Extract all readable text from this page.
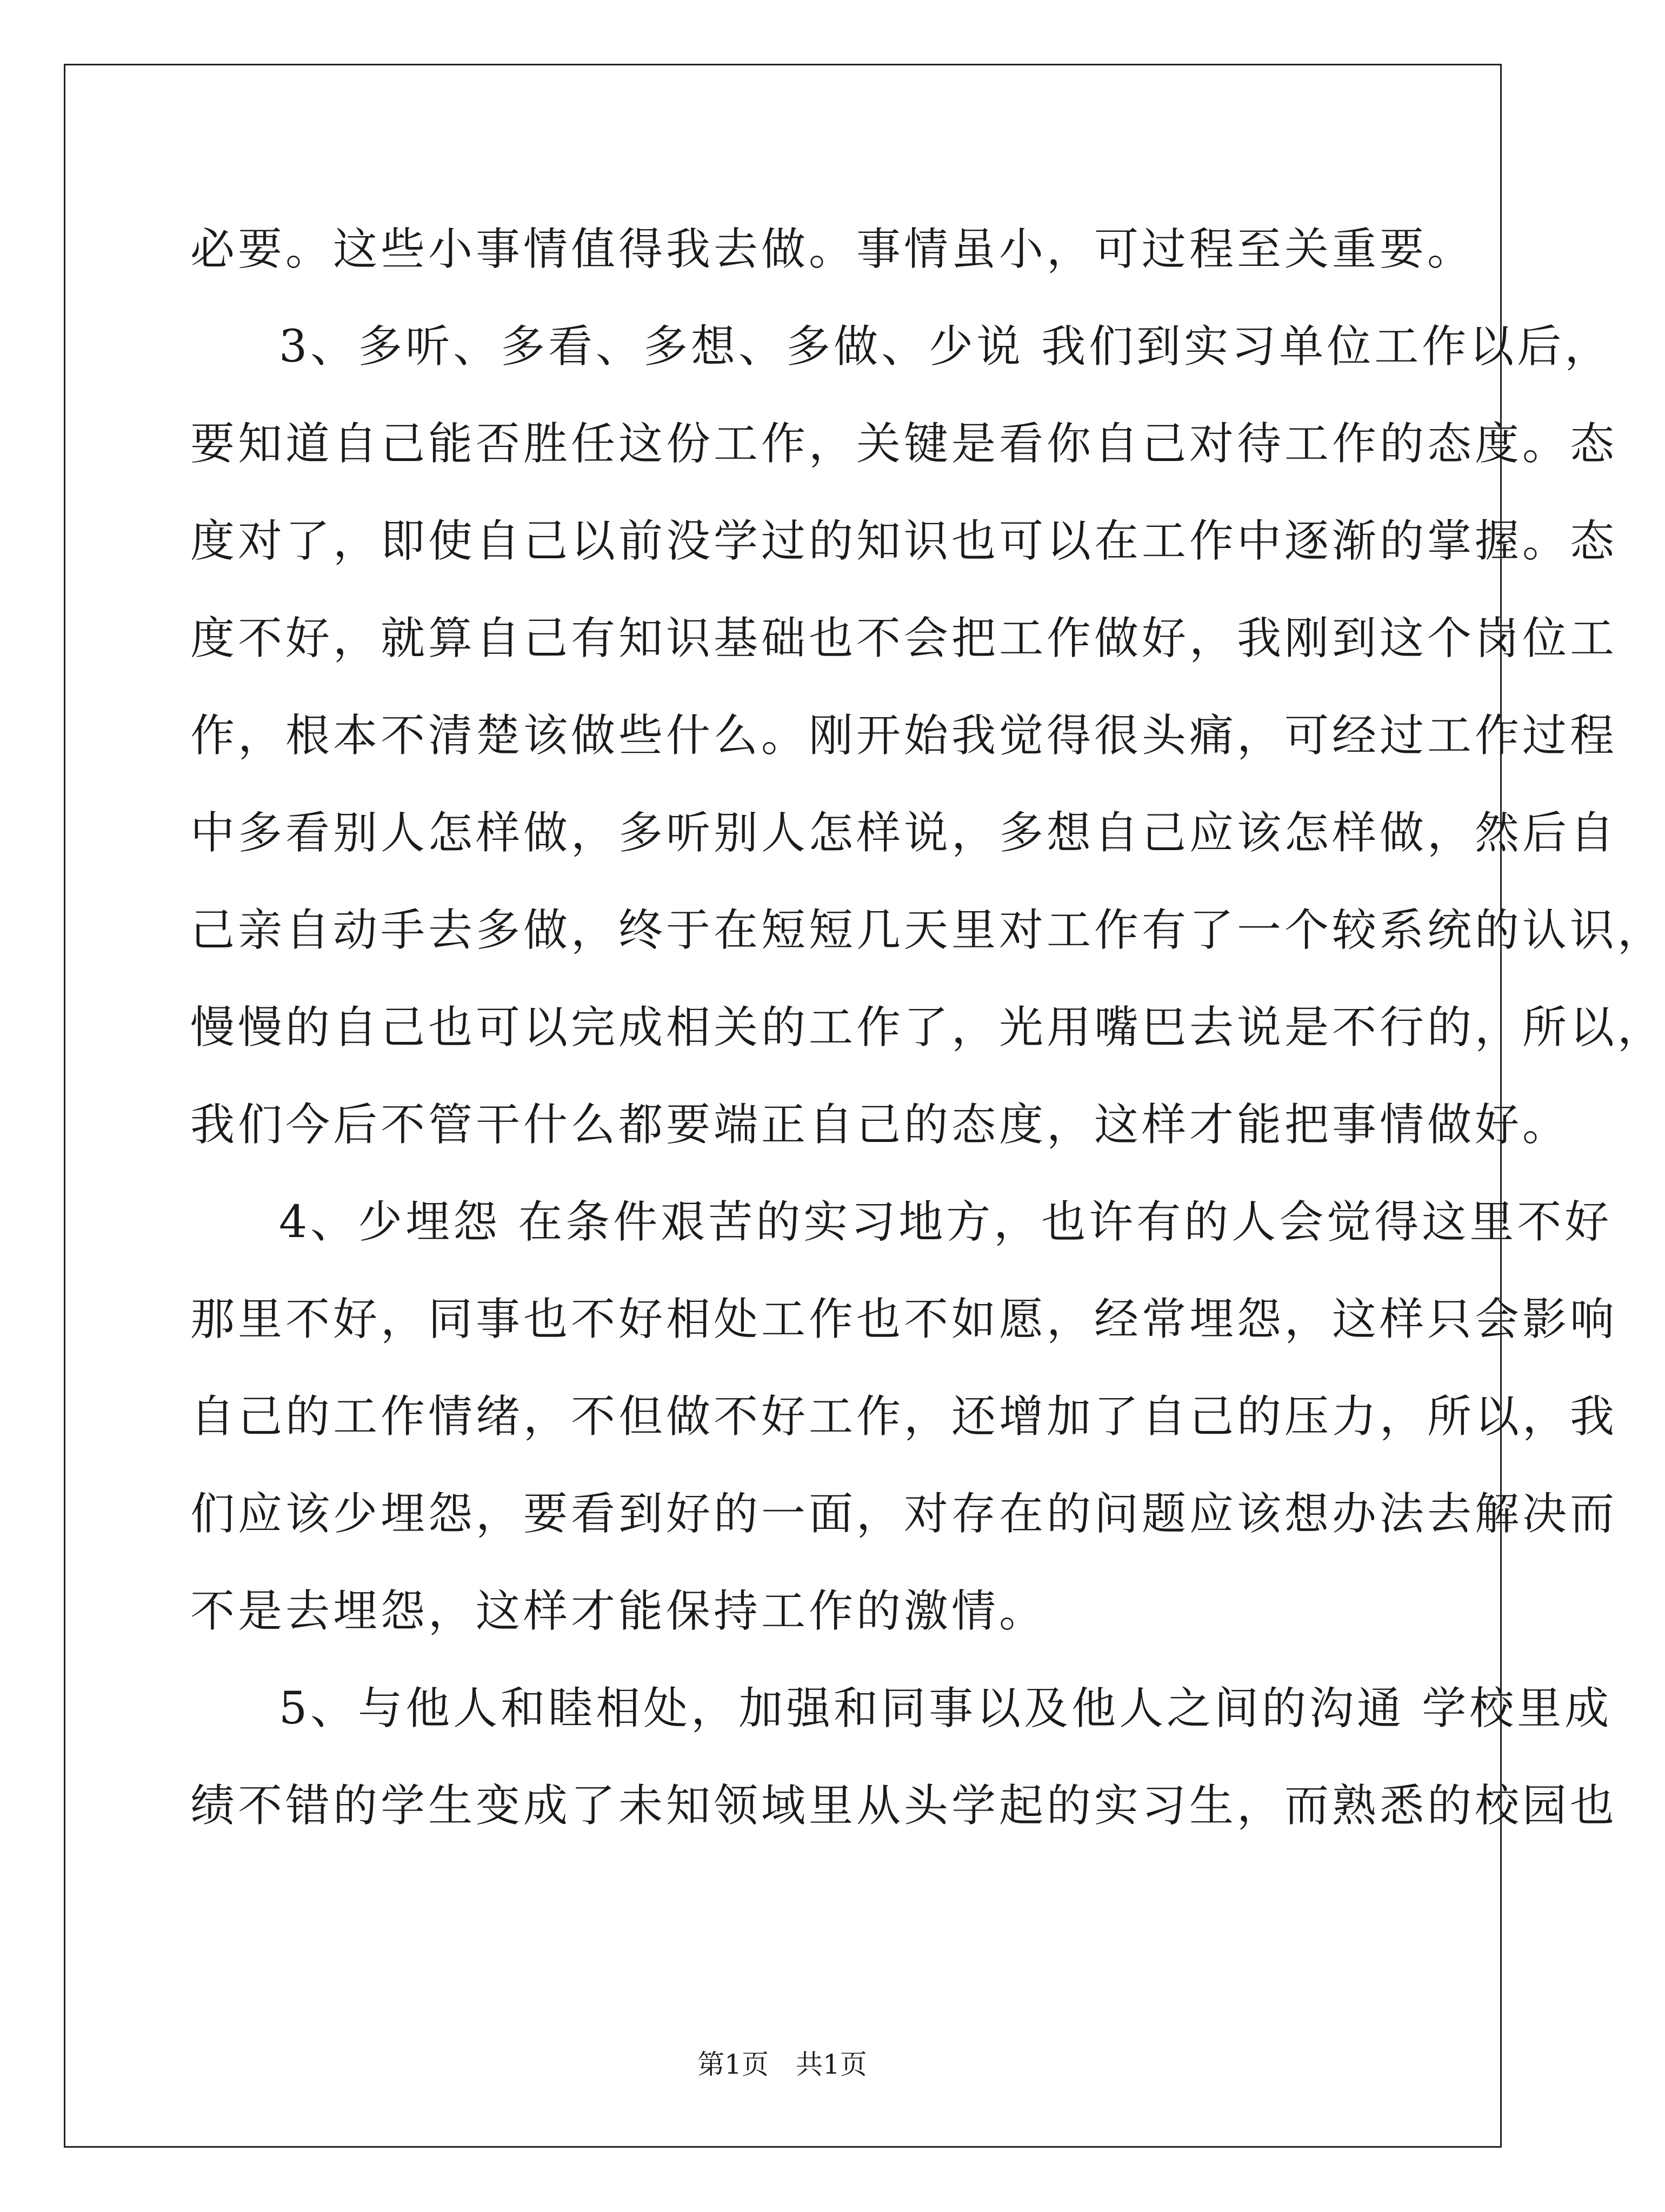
必要。这些小事情值得我去做。事情虽小，可过程至关重要。
3、多听、多看、多想、多做、少说 我们到实习单位工作以后，
要知道自己能否胜任这份工作，关键是看你自己对待工作的态度。态
度对了，即使自己以前没学过的知识也可以在工作中逐渐的掌握。态
度不好，就算自己有知识基础也不会把工作做好，我刚到这个岗位工
作，根本不清楚该做些什么。刚开始我觉得很头痛，可经过工作过程
中多看别人怎样做，多听别人怎样说，多想自己应该怎样做，然后自
己亲自动手去多做，终于在短短几天里对工作有了一个较系统的认识，
慢慢的自己也可以完成相关的工作了，光用嘴巴去说是不行的，所以，
我们今后不管干什么都要端正自己的态度，这样才能把事情做好。
4、少埋怨 在条件艰苦的实习地方，也许有的人会觉得这里不好
那里不好，同事也不好相处工作也不如愿，经常埋怨，这样只会影响
自己的工作情绪，不但做不好工作，还增加了自己的压力，所以，我
们应该少埋怨，要看到好的一面，对存在的问题应该想办法去解决而
不是去埋怨，这样才能保持工作的激情。
5、与他人和睦相处，加强和同事以及他人之间的沟通 学校里成
绩不错的学生变成了未知领域里从头学起的实习生，而熟悉的校园也
第1页 共1页
